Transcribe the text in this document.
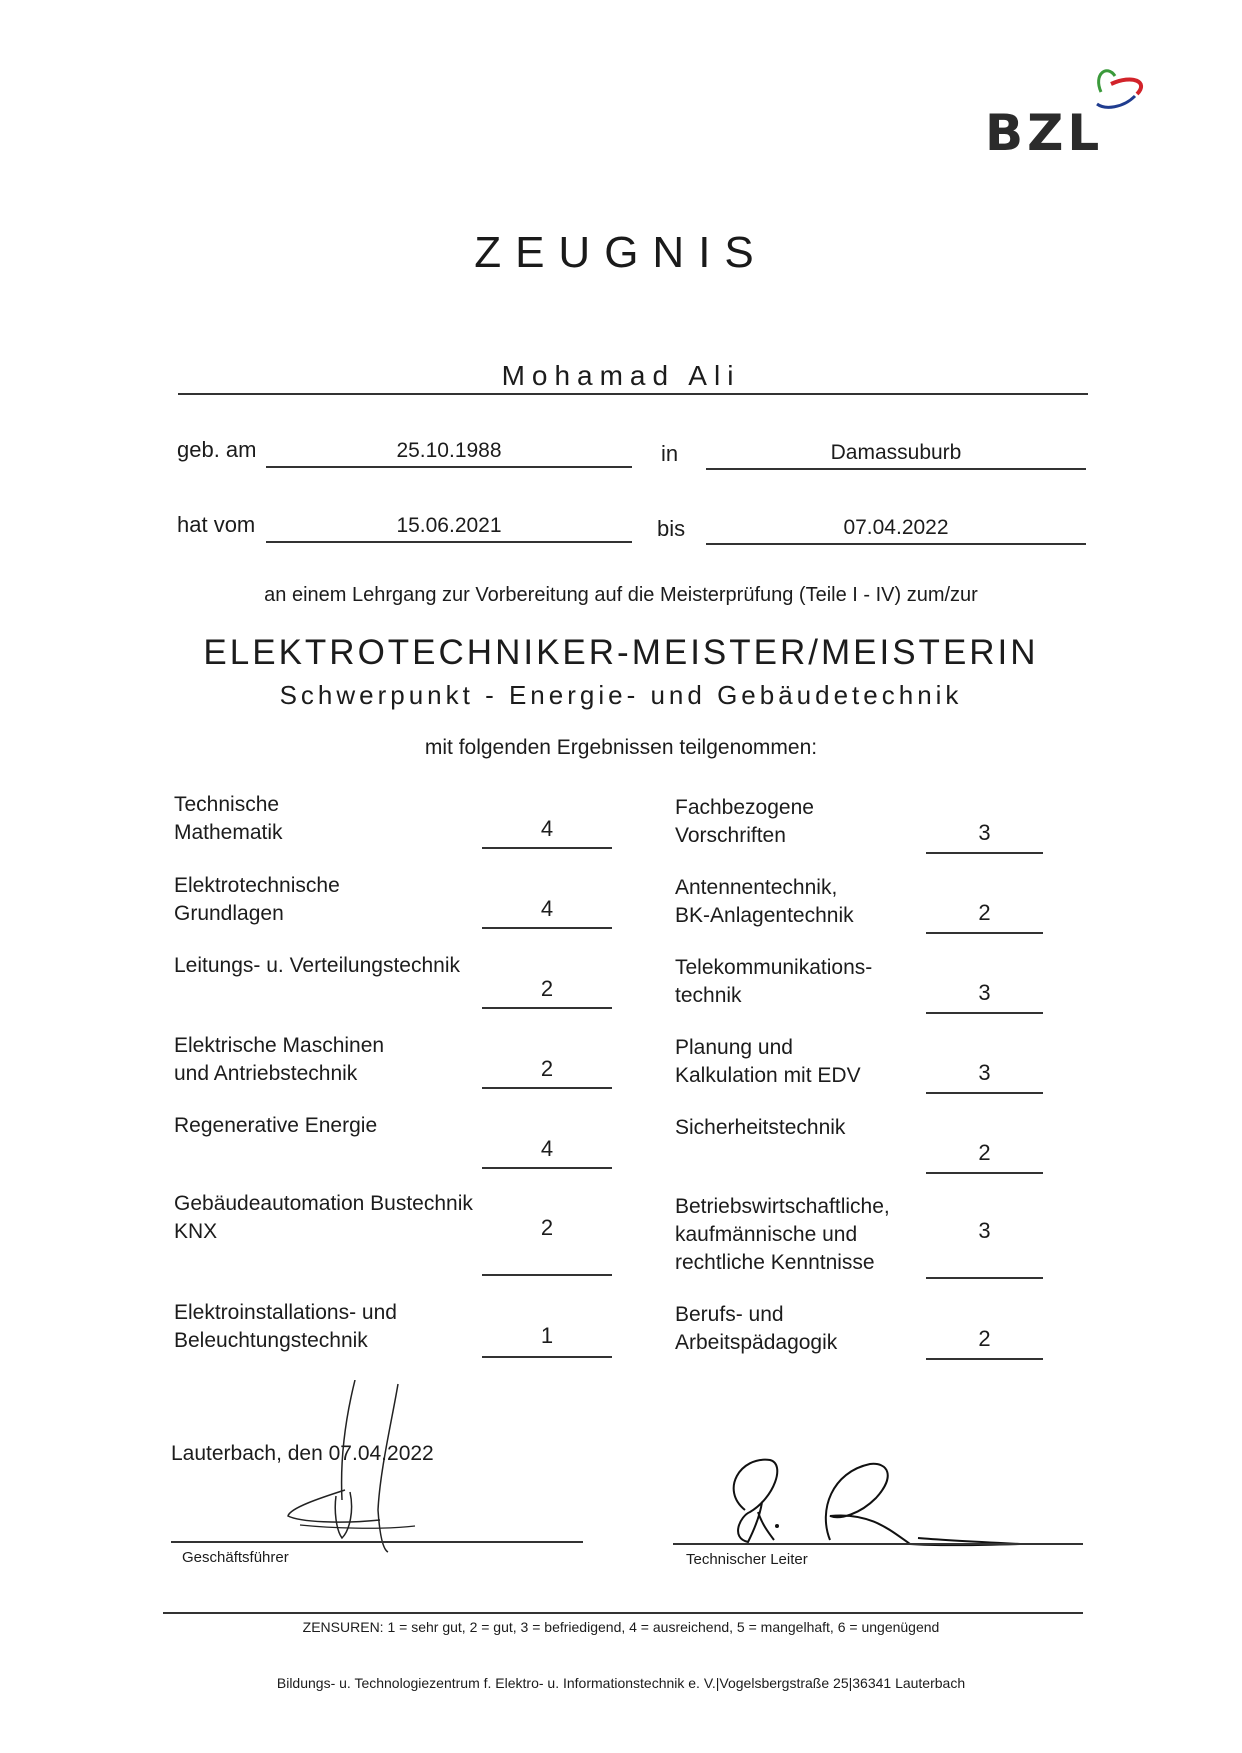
BZL
ZEUGNIS
Mohamad Ali
geb. am	25.10.1988	in	Damassuburb
hat vom	15.06.2021	bis	07.04.2022
an einem Lehrgang zur Vorbereitung auf die Meisterprüfung (Teile I - IV) zum/zur
ELEKTROTECHNIKER-MEISTER/MEISTERIN
Schwerpunkt - Energie- und Gebäudetechnik
mit folgenden Ergebnissen teilgenommen:
Technische
Mathematik	4
Elektrotechnische
Grundlagen	4
Leitungs- u. Verteilungstechnik
2
Elektrische Maschinen
und Antriebstechnik	2
Regenerative Energie
4
Gebäudeautomation Bustechnik
KNX	2
Elektroinstallations- und
Beleuchtungstechnik	1
Fachbezogene
Vorschriften	3
Antennentechnik,
BK-Anlagentechnik	2
Telekommunikations-
technik	3
Planung und
Kalkulation mit EDV	3
Sicherheitstechnik
2
Betriebswirtschaftliche,
kaufmännische und
rechtliche Kenntnisse
3
Berufs- und
Arbeitspädagogik	2
Lauterbach, den 07.04.2022
Geschäftsführer	Technischer Leiter
ZENSUREN: 1 = sehr gut, 2 = gut, 3 = befriedigend, 4 = ausreichend, 5 = mangelhaft, 6 = ungenügend
Bildungs- u. Technologiezentrum f. Elektro- u. Informationstechnik e. V.|Vogelsbergstraße 25|36341 Lauterbach
